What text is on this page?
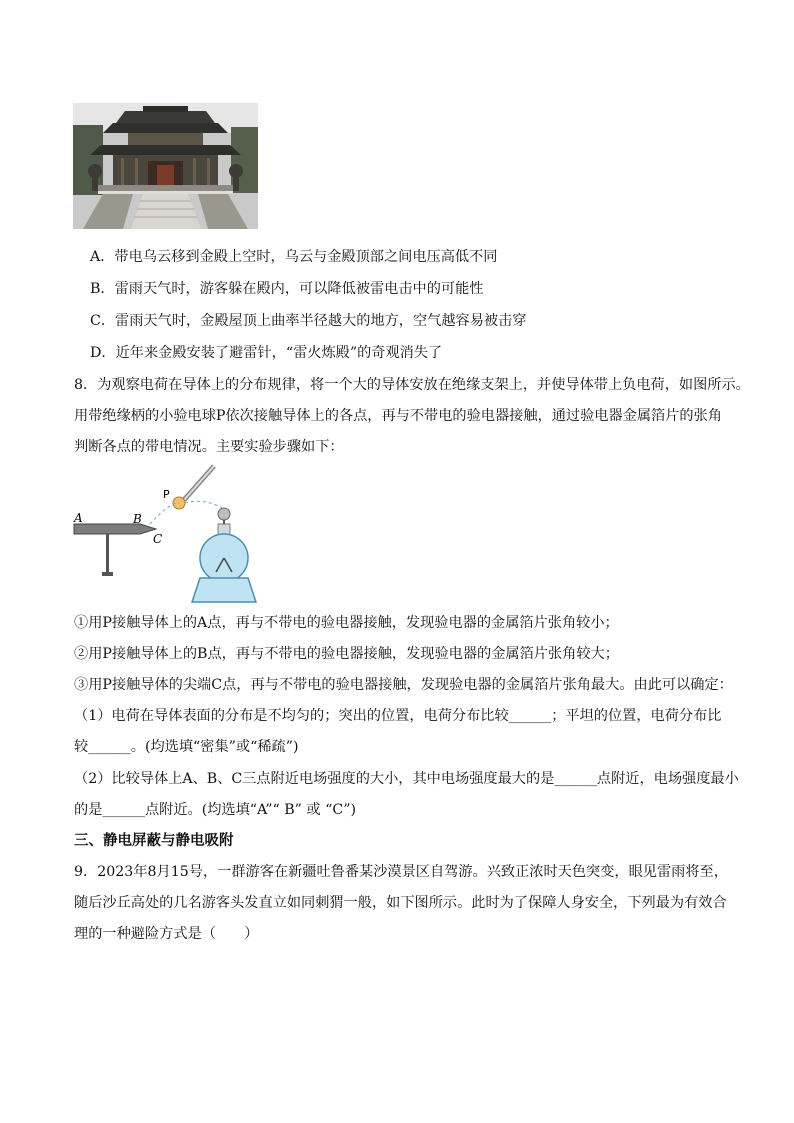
A．带电乌云移到金殿上空时，乌云与金殿顶部之间电压高低不同
B．雷雨天气时，游客躲在殿内，可以降低被雷电击中的可能性
C．雷雨天气时，金殿屋顶上曲率半径越大的地方，空气越容易被击穿
D．近年来金殿安装了避雷针，“雷火炼殿”的奇观消失了
8．为观察电荷在导体上的分布规律，将一个大的导体安放在绝缘支架上，并使导体带上负电荷，如图所示。
用带绝缘柄的小验电球P依次接触导体上的各点，再与不带电的验电器接触，通过验电器金属箔片的张角
判断各点的带电情况。主要实验步骤如下：
A	B
C
P
①用P接触导体上的A点，再与不带电的验电器接触，发现验电器的金属箔片张角较小；
②用P接触导体上的B点，再与不带电的验电器接触，发现验电器的金属箔片张角较大；
③用P接触导体的尖端C点，再与不带电的验电器接触，发现验电器的金属箔片张角最大。由此可以确定：
（1）电荷在导体表面的分布是不均匀的；突出的位置，电荷分布比较______；平坦的位置，电荷分布比
较______。(均选填“密集”或“稀疏”)
（2）比较导体上A、B、C三点附近电场强度的大小，其中电场强度最大的是______点附近，电场强度最小
的是______点附近。(均选填“A”“ B” 或 “C”)
三、静电屏蔽与静电吸附
9．2023年8月15号，一群游客在新疆吐鲁番某沙漠景区自驾游。兴致正浓时天色突变，眼见雷雨将至，
随后沙丘高处的几名游客头发直立如同刺猬一般，如下图所示。此时为了保障人身安全，下列最为有效合
理的一种避险方式是（　　）
